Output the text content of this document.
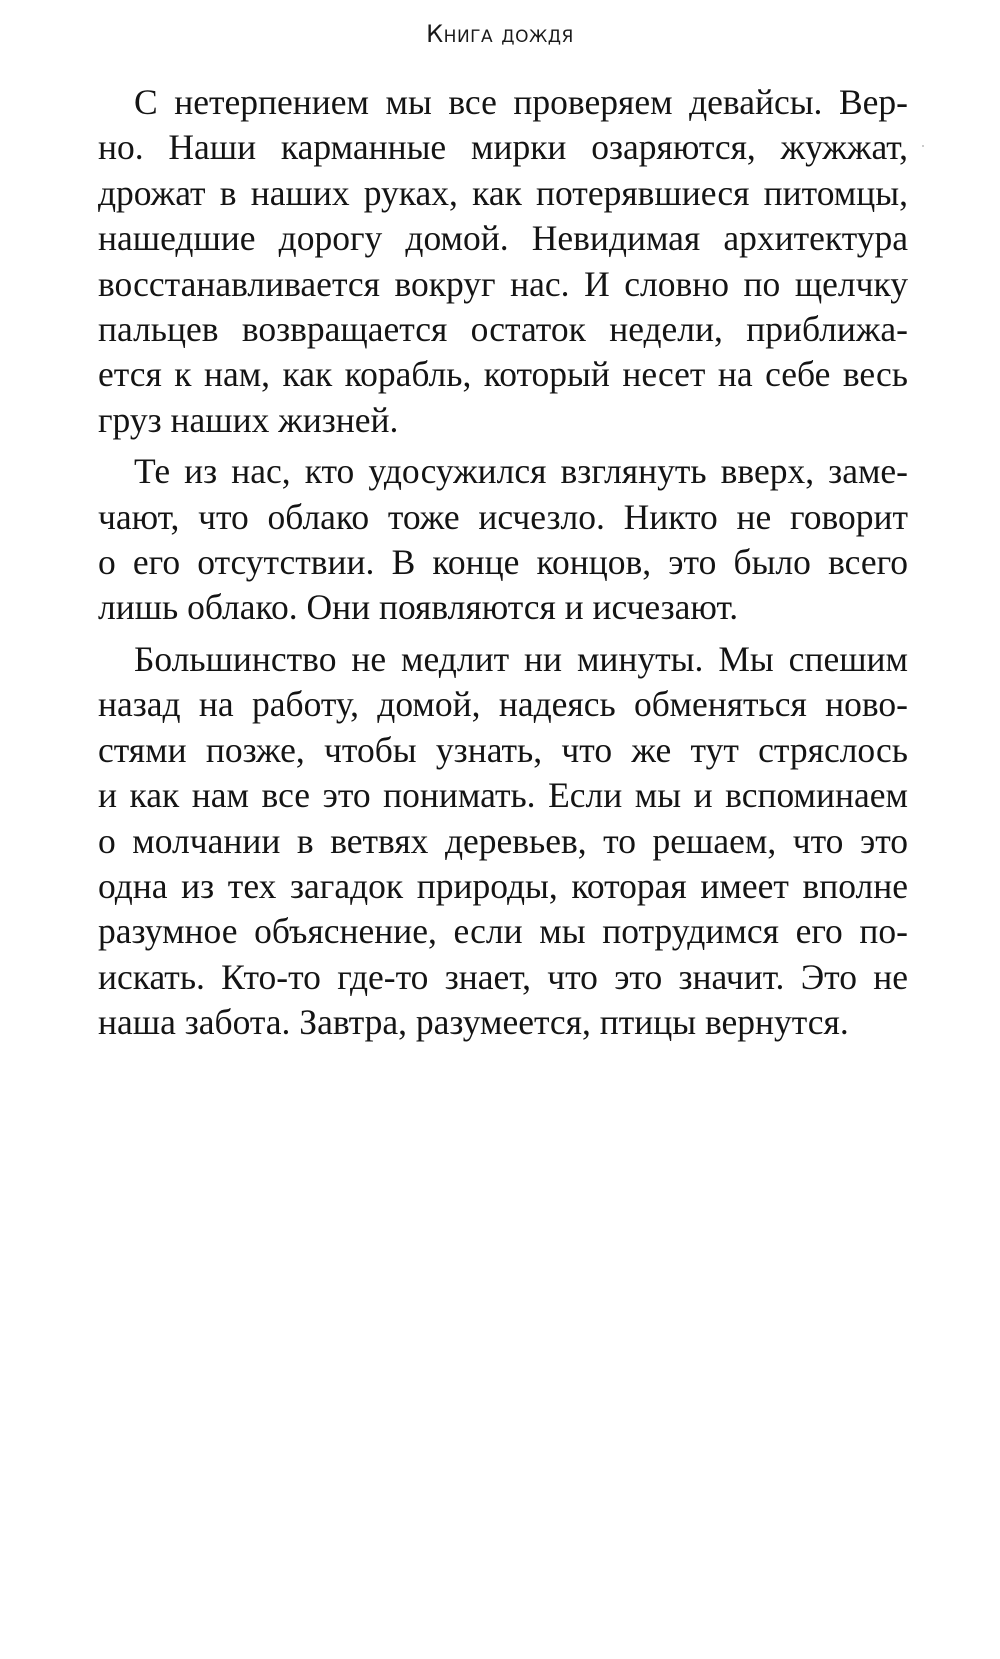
Книга дождя

С нетерпением мы все проверяем девайсы. Вер-
но. Наши карманные мирки озаряются, жужжат,
дрожат в наших руках, как потерявшиеся питомцы,
нашедшие дорогу домой. Невидимая архитектура
восстанавливается вокруг нас. И словно по щелчку
пальцев возвращается остаток недели, приближа-
ется к нам, как корабль, который несет на себе весь
груз наших жизней.

Те из нас, кто удосужился взглянуть вверх, заме-
чают, что облако тоже исчезло. Никто не говорит
о его отсутствии. В конце концов, это было всего
лишь облако. Они появляются и исчезают.

Большинство не медлит ни минуты. Мы спешим
назад на работу, домой, надеясь обменяться ново-
стями позже, чтобы узнать, что же тут стряслось
и как нам все это понимать. Если мы и вспоминаем
о молчании в ветвях деревьев, то решаем, что это
одна из тех загадок природы, которая имеет вполне
разумное объяснение, если мы потрудимся его по-
искать. Кто-то где-то знает, что это значит. Это не
наша забота. Завтра, разумеется, птицы вернутся.
